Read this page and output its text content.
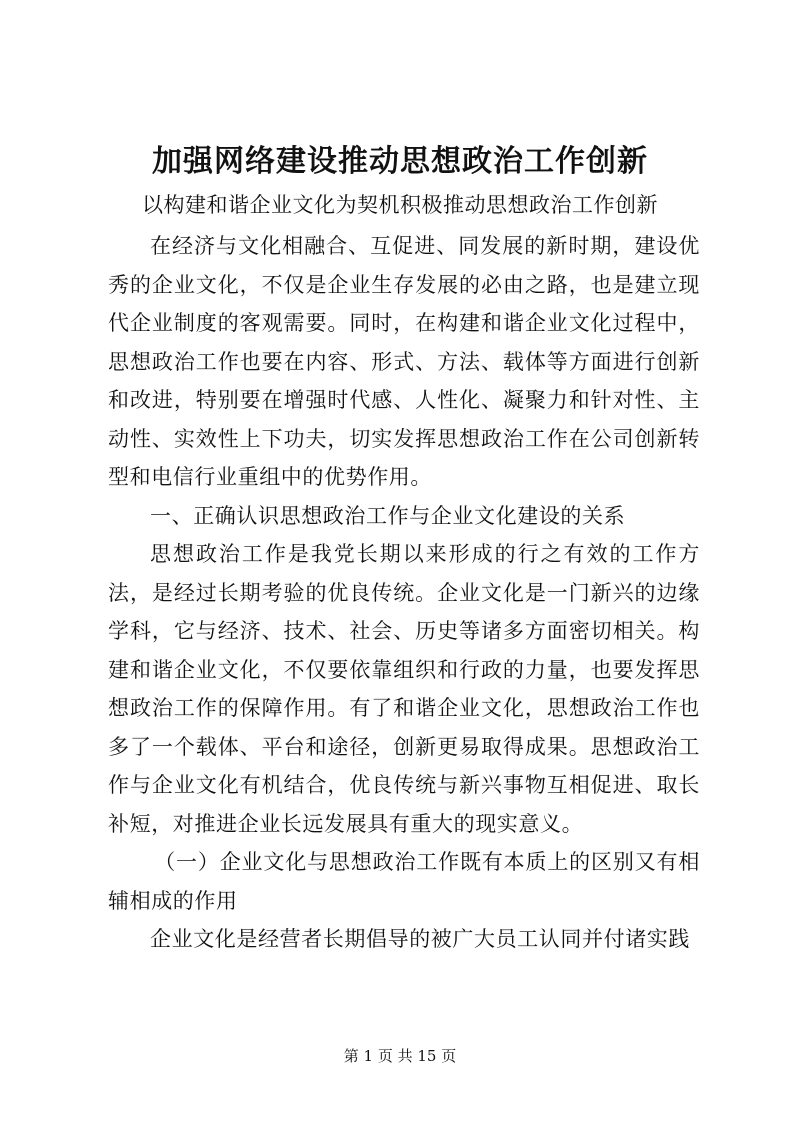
加强网络建设推动思想政治工作创新
以构建和谐企业文化为契机积极推动思想政治工作创新

在经济与文化相融合、互促进、同发展的新时期，建设优秀的企业文化，不仅是企业生存发展的必由之路，也是建立现代企业制度的客观需要。同时，在构建和谐企业文化过程中，思想政治工作也要在内容、形式、方法、载体等方面进行创新和改进，特别要在增强时代感、人性化、凝聚力和针对性、主动性、实效性上下功夫，切实发挥思想政治工作在公司创新转型和电信行业重组中的优势作用。

一、正确认识思想政治工作与企业文化建设的关系

思想政治工作是我党长期以来形成的行之有效的工作方法，是经过长期考验的优良传统。企业文化是一门新兴的边缘学科，它与经济、技术、社会、历史等诸多方面密切相关。构建和谐企业文化，不仅要依靠组织和行政的力量，也要发挥思想政治工作的保障作用。有了和谐企业文化，思想政治工作也多了一个载体、平台和途径，创新更易取得成果。思想政治工作与企业文化有机结合，优良传统与新兴事物互相促进、取长补短，对推进企业长远发展具有重大的现实意义。

（一）企业文化与思想政治工作既有本质上的区别又有相辅相成的作用

企业文化是经营者长期倡导的被广大员工认同并付诸实践

第 1 页 共 15 页
